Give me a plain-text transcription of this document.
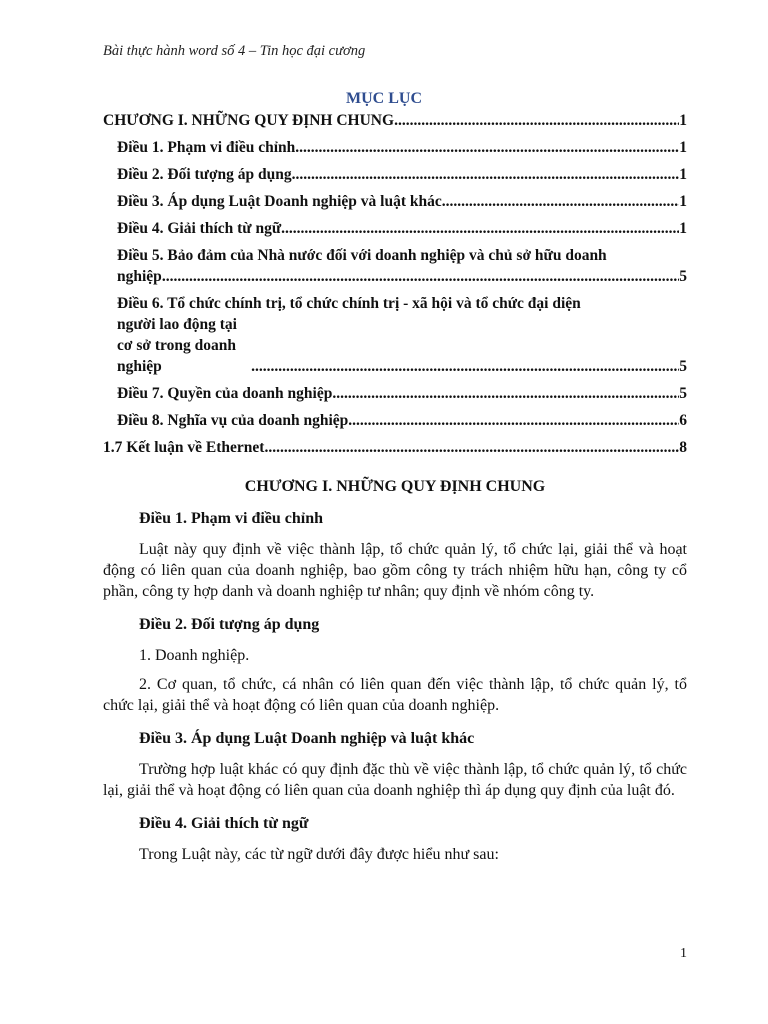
Bài thực hành word số 4 – Tin học đại cương
MỤC LỤC
CHƯƠNG I. NHỮNG QUY ĐỊNH CHUNG .....	1
Điều 1. Phạm vi điều chỉnh .....	1
Điều 2. Đối tượng áp dụng .....	1
Điều 3. Áp dụng Luật Doanh nghiệp và luật khác .....	1
Điều 4. Giải thích từ ngữ .....	1
Điều 5. Bảo đảm của Nhà nước đối với doanh nghiệp và chủ sở hữu doanh
nghiệp .....	5
Điều 6. Tổ chức chính trị, tổ chức chính trị - xã hội và tổ chức đại diện
người lao động tại cơ sở trong doanh nghiệp .....	5
Điều 7. Quyền của doanh nghiệp .....	5
Điều 8. Nghĩa vụ của doanh nghiệp .....	6
1.7 Kết luận về Ethernet .....	8
CHƯƠNG I. NHỮNG QUY ĐỊNH CHUNG
Điều 1. Phạm vi điều chỉnh

Luật này quy định về việc thành lập, tổ chức quản lý, tổ chức lại, giải thể và hoạt động có liên quan của doanh nghiệp, bao gồm công ty trách nhiệm hữu hạn, công ty cổ phần, công ty hợp danh và doanh nghiệp tư nhân; quy định về nhóm công ty.

Điều 2. Đối tượng áp dụng

1. Doanh nghiệp.

2. Cơ quan, tổ chức, cá nhân có liên quan đến việc thành lập, tổ chức quản lý, tổ chức lại, giải thể và hoạt động có liên quan của doanh nghiệp.

Điều 3. Áp dụng Luật Doanh nghiệp và luật khác

Trường hợp luật khác có quy định đặc thù về việc thành lập, tổ chức quản lý, tổ chức lại, giải thể và hoạt động có liên quan của doanh nghiệp thì áp dụng quy định của luật đó.

Điều 4. Giải thích từ ngữ

Trong Luật này, các từ ngữ dưới đây được hiểu như sau:

1
